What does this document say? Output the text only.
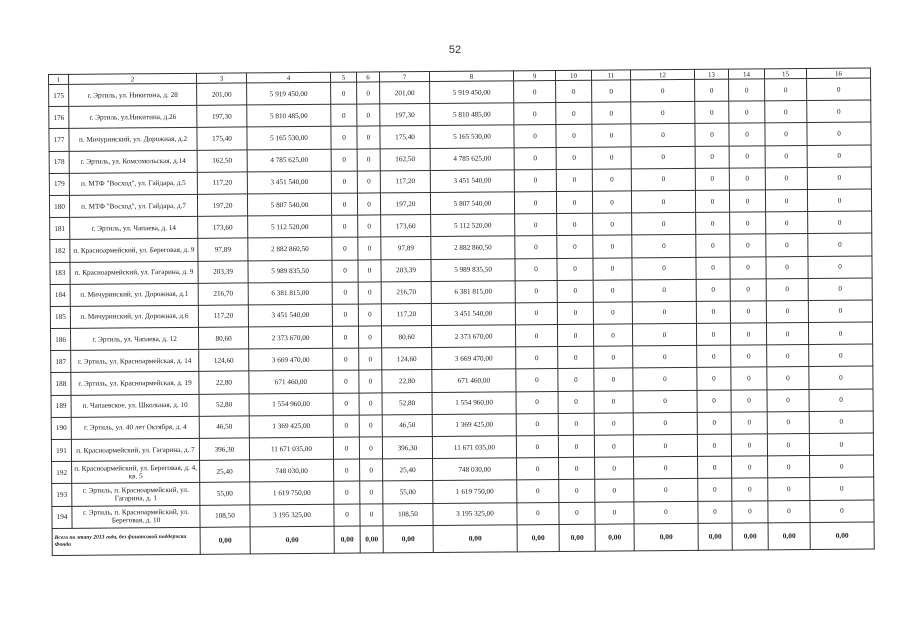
52
1	2	3	4	5	6	7	8	9	10	11	12	13	14	15	16
175	г. Эртиль, ул. Никитина, д. 28	201,00	5 919 450,00	0	0	201,00	5 919 450,00	0	0	0	0	0	0	0	0
176	г. Эртиль, ул.Никитина, д.26	197,30	5 810 485,00	0	0	197,30	5 810 485,00	0	0	0	0	0	0	0	0
177	п. Мичуринский, ул. Дорожная, д.2	175,40	5 165 530,00	0	0	175,40	5 165 530,00	0	0	0	0	0	0	0	0
178	г. Эртиль, ул. Комсомольская, д.14	162,50	4 785 625,00	0	0	162,50	4 785 625,00	0	0	0	0	0	0	0	0
179	п. МТФ "Восход", ул. Гайдара, д.5	117,20	3 451 540,00	0	0	117,20	3 451 540,00	0	0	0	0	0	0	0	0
180	п. МТФ "Восход", ул. Гайдара, д.7	197,20	5 807 540,00	0	0	197,20	5 807 540,00	0	0	0	0	0	0	0	0
181	г. Эртиль, ул. Чапаева, д. 14	173,60	5 112 520,00	0	0	173,60	5 112 520,00	0	0	0	0	0	0	0	0
182	п. Красноармейский, ул. Береговая, д. 9	97,89	2 882 860,50	0	0	97,89	2 882 860,50	0	0	0	0	0	0	0	0
183	п. Красноармейский, ул. Гагарина, д. 9	203,39	5 989 835,50	0	0	203,39	5 989 835,50	0	0	0	0	0	0	0	0
184	п. Мичуринский, ул. Дорожная, д.1	216,70	6 381 815,00	0	0	216,70	6 381 815,00	0	0	0	0	0	0	0	0
185	п. Мичуринский, ул. Дорожная, д.6	117,20	3 451 540,00	0	0	117,20	3 451 540,00	0	0	0	0	0	0	0	0
186	г. Эртиль, ул. Чапаева, д. 12	80,60	2 373 670,00	0	0	80,60	2 373 670,00	0	0	0	0	0	0	0	0
187	г. Эртиль, ул. Красноармейская, д. 14	124,60	3 669 470,00	0	0	124,60	3 669 470,00	0	0	0	0	0	0	0	0
188	г. Эртиль, ул. Красноармейская, д. 19	22,80	671 460,00	0	0	22,80	671 460,00	0	0	0	0	0	0	0	0
189	п. Чапаевское, ул. Школьная, д. 10	52,80	1 554 960,00	0	0	52,80	1 554 960,00	0	0	0	0	0	0	0	0
190	г. Эртиль, ул. 40 лет Октября, д. 4	46,50	1 369 425,00	0	0	46,50	1 369 425,00	0	0	0	0	0	0	0	0
191	п. Красноармейский, ул. Гагарина, д. 7	396,30	11 671 035,00	0	0	396,30	11 671 035,00	0	0	0	0	0	0	0	0
192	п. Красноармейский, ул. Береговая, д. 4, кв. 5	25,40	748 030,00	0	0	25,40	748 030,00	0	0	0	0	0	0	0	0
193	г. Эртиль, п. Красноармейский, ул. Гагарина, д. 1	55,00	1 619 750,00	0	0	55,00	1 619 750,00	0	0	0	0	0	0	0	0
194	г. Эртиль, п. Красноармейский, ул. Береговая, д. 10	108,50	3 195 325,00	0	0	108,50	3 195 325,00	0	0	0	0	0	0	0	0
Всего по этапу 2013 года, без финансовой поддержки Фонда		0,00	0,00	0,00	0,00	0,00	0,00	0,00	0,00	0,00	0,00	0,00	0,00	0,00	0,00
